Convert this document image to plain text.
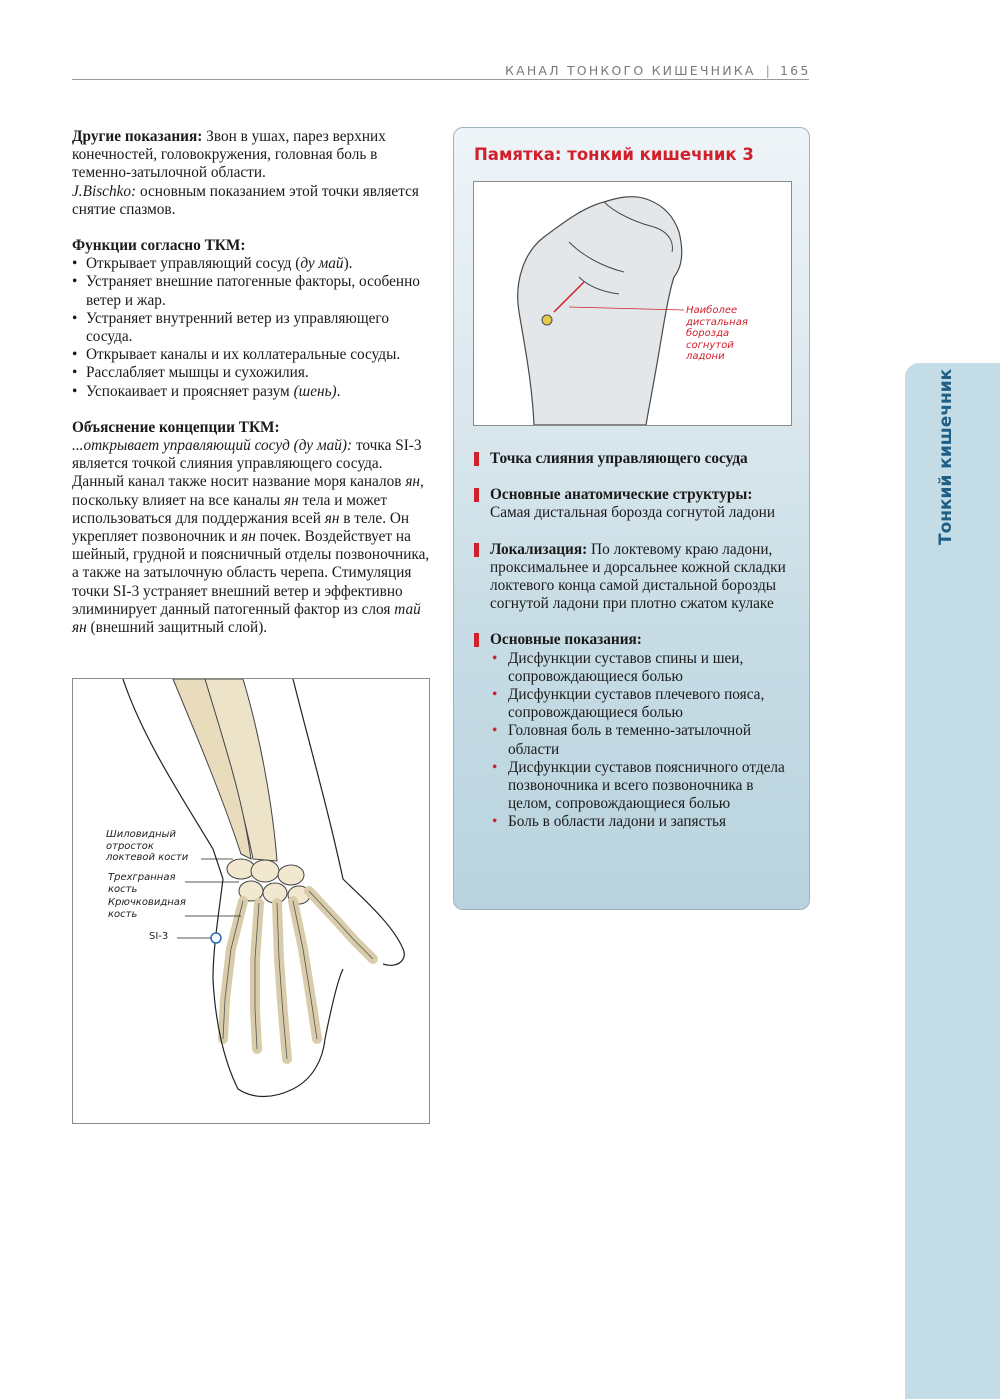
КАНАЛ ТОНКОГО КИШЕЧНИКА | 165

Другие показания: Звон в ушах, парез верхних конечностей, головокружения, головная боль в теменно-затылочной области.
J.Bischko: основным показанием этой точки является снятие спазмов.

Функции согласно ТКМ:

• Открывает управляющий сосуд (ду май).
• Устраняет внешние патогенные факторы, особенно ветер и жар.
• Устраняет внутренний ветер из управляющего сосуда.
• Открывает каналы и их коллатеральные сосуды.
• Расслабляет мышцы и сухожилия.
• Успокаивает и проясняет разум (шень).

Объяснение концепции ТКМ:

...открывает управляющий сосуд (ду май): точка SI-3 является точкой слияния управляющего сосуда. Данный канал также носит название моря каналов ян, поскольку влияет на все каналы ян тела и может использоваться для поддержания всей ян в теле. Он укрепляет позвоночник и ян почек. Воздействует на шейный, грудной и поясничный отделы позвоночника, а также на затылочную область черепа. Стимуляция точки SI-3 устраняет внешний ветер и эффективно элиминирует данный патогенный фактор из слоя тай ян (внешний защитный слой).

Шиловидный
отросток
локтевой кости
Трехгранная
кость
Крючковидная
кость
SI-3
Памятка: тонкий кишечник 3
Наиболее
дистальная
борозда
согнутой
ладони
Точка слияния управляющего сосуда
Основные анатомические структуры:
Самая дистальная борозда согнутой ладони
Локализация: По локтевому краю ладони, проксимальнее и дорсальнее кожной складки локтевого конца самой дистальной борозды согнутой ладони при плотно сжатом кулаке
Основные показания:
• Дисфункции суставов спины и шеи, сопровождающиеся болью
• Дисфункции суставов плечевого пояса, сопровождающиеся болью
• Головная боль в теменно-затылочной области
• Дисфункции суставов поясничного отдела позвоночника и всего позвоночника в целом, сопровождающиеся болью
• Боль в области ладони и запястья
Тонкий кишечник
